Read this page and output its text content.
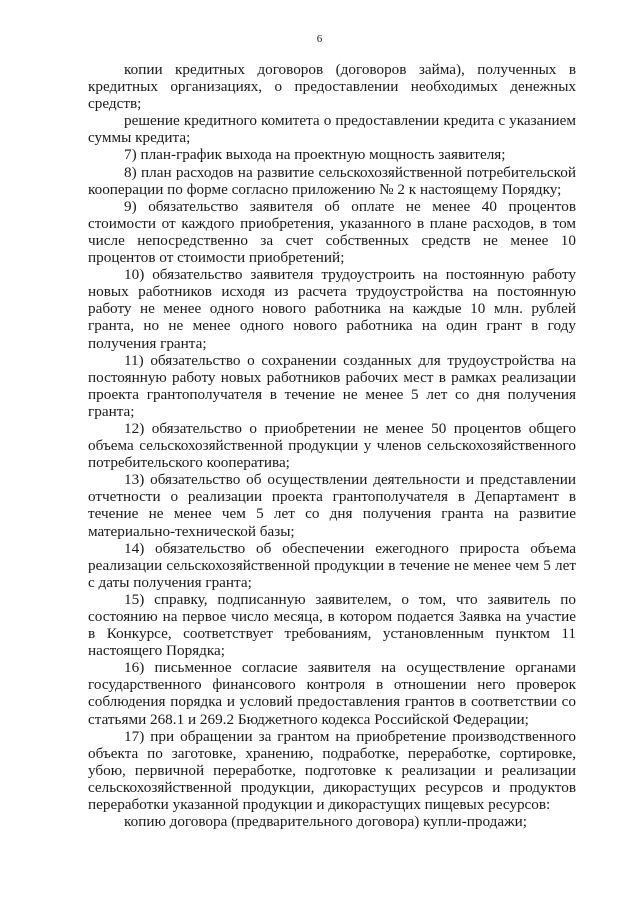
6

копии кредитных договоров (договоров займа), полученных в кредитных организациях, о предоставлении необходимых денежных средств;

решение кредитного комитета о предоставлении кредита с указанием суммы кредита;

7) план-график выхода на проектную мощность заявителя;

8) план расходов на развитие сельскохозяйственной потребительской кооперации по форме согласно приложению № 2 к настоящему Порядку;

9) обязательство заявителя об оплате не менее 40 процентов стоимости от каждого приобретения, указанного в плане расходов, в том числе непосредственно за счет собственных средств не менее 10 процентов от стоимости приобретений;

10) обязательство заявителя трудоустроить на постоянную работу новых работников исходя из расчета трудоустройства на постоянную работу не менее одного нового работника на каждые 10 млн. рублей гранта, но не менее одного нового работника на один грант в году получения гранта;

11) обязательство о сохранении созданных для трудоустройства на постоянную работу новых работников рабочих мест в рамках реализации проекта грантополучателя в течение не менее 5 лет со дня получения гранта;

12) обязательство о приобретении не менее 50 процентов общего объема сельскохозяйственной продукции у членов сельскохозяйственного потребительского кооператива;

13) обязательство об осуществлении деятельности и представлении отчетности о реализации проекта грантополучателя в Департамент в течение не менее чем 5 лет со дня получения гранта на развитие материально-технической базы;

14) обязательство об обеспечении ежегодного прироста объема реализации сельскохозяйственной продукции в течение не менее чем 5 лет с даты получения гранта;

15) справку, подписанную заявителем, о том, что заявитель по состоянию на первое число месяца, в котором подается Заявка на участие в Конкурсе, соответствует требованиям, установленным пунктом 11 настоящего Порядка;

16) письменное согласие заявителя на осуществление органами государственного финансового контроля в отношении него проверок соблюдения порядка и условий предоставления грантов в соответствии со статьями 268.1 и 269.2 Бюджетного кодекса Российской Федерации;

17) при обращении за грантом на приобретение производственного объекта по заготовке, хранению, подработке, переработке, сортировке, убою, первичной переработке, подготовке к реализации и реализации сельскохозяйственной продукции, дикорастущих ресурсов и продуктов переработки указанной продукции и дикорастущих пищевых ресурсов:

копию договора (предварительного договора) купли-продажи;
